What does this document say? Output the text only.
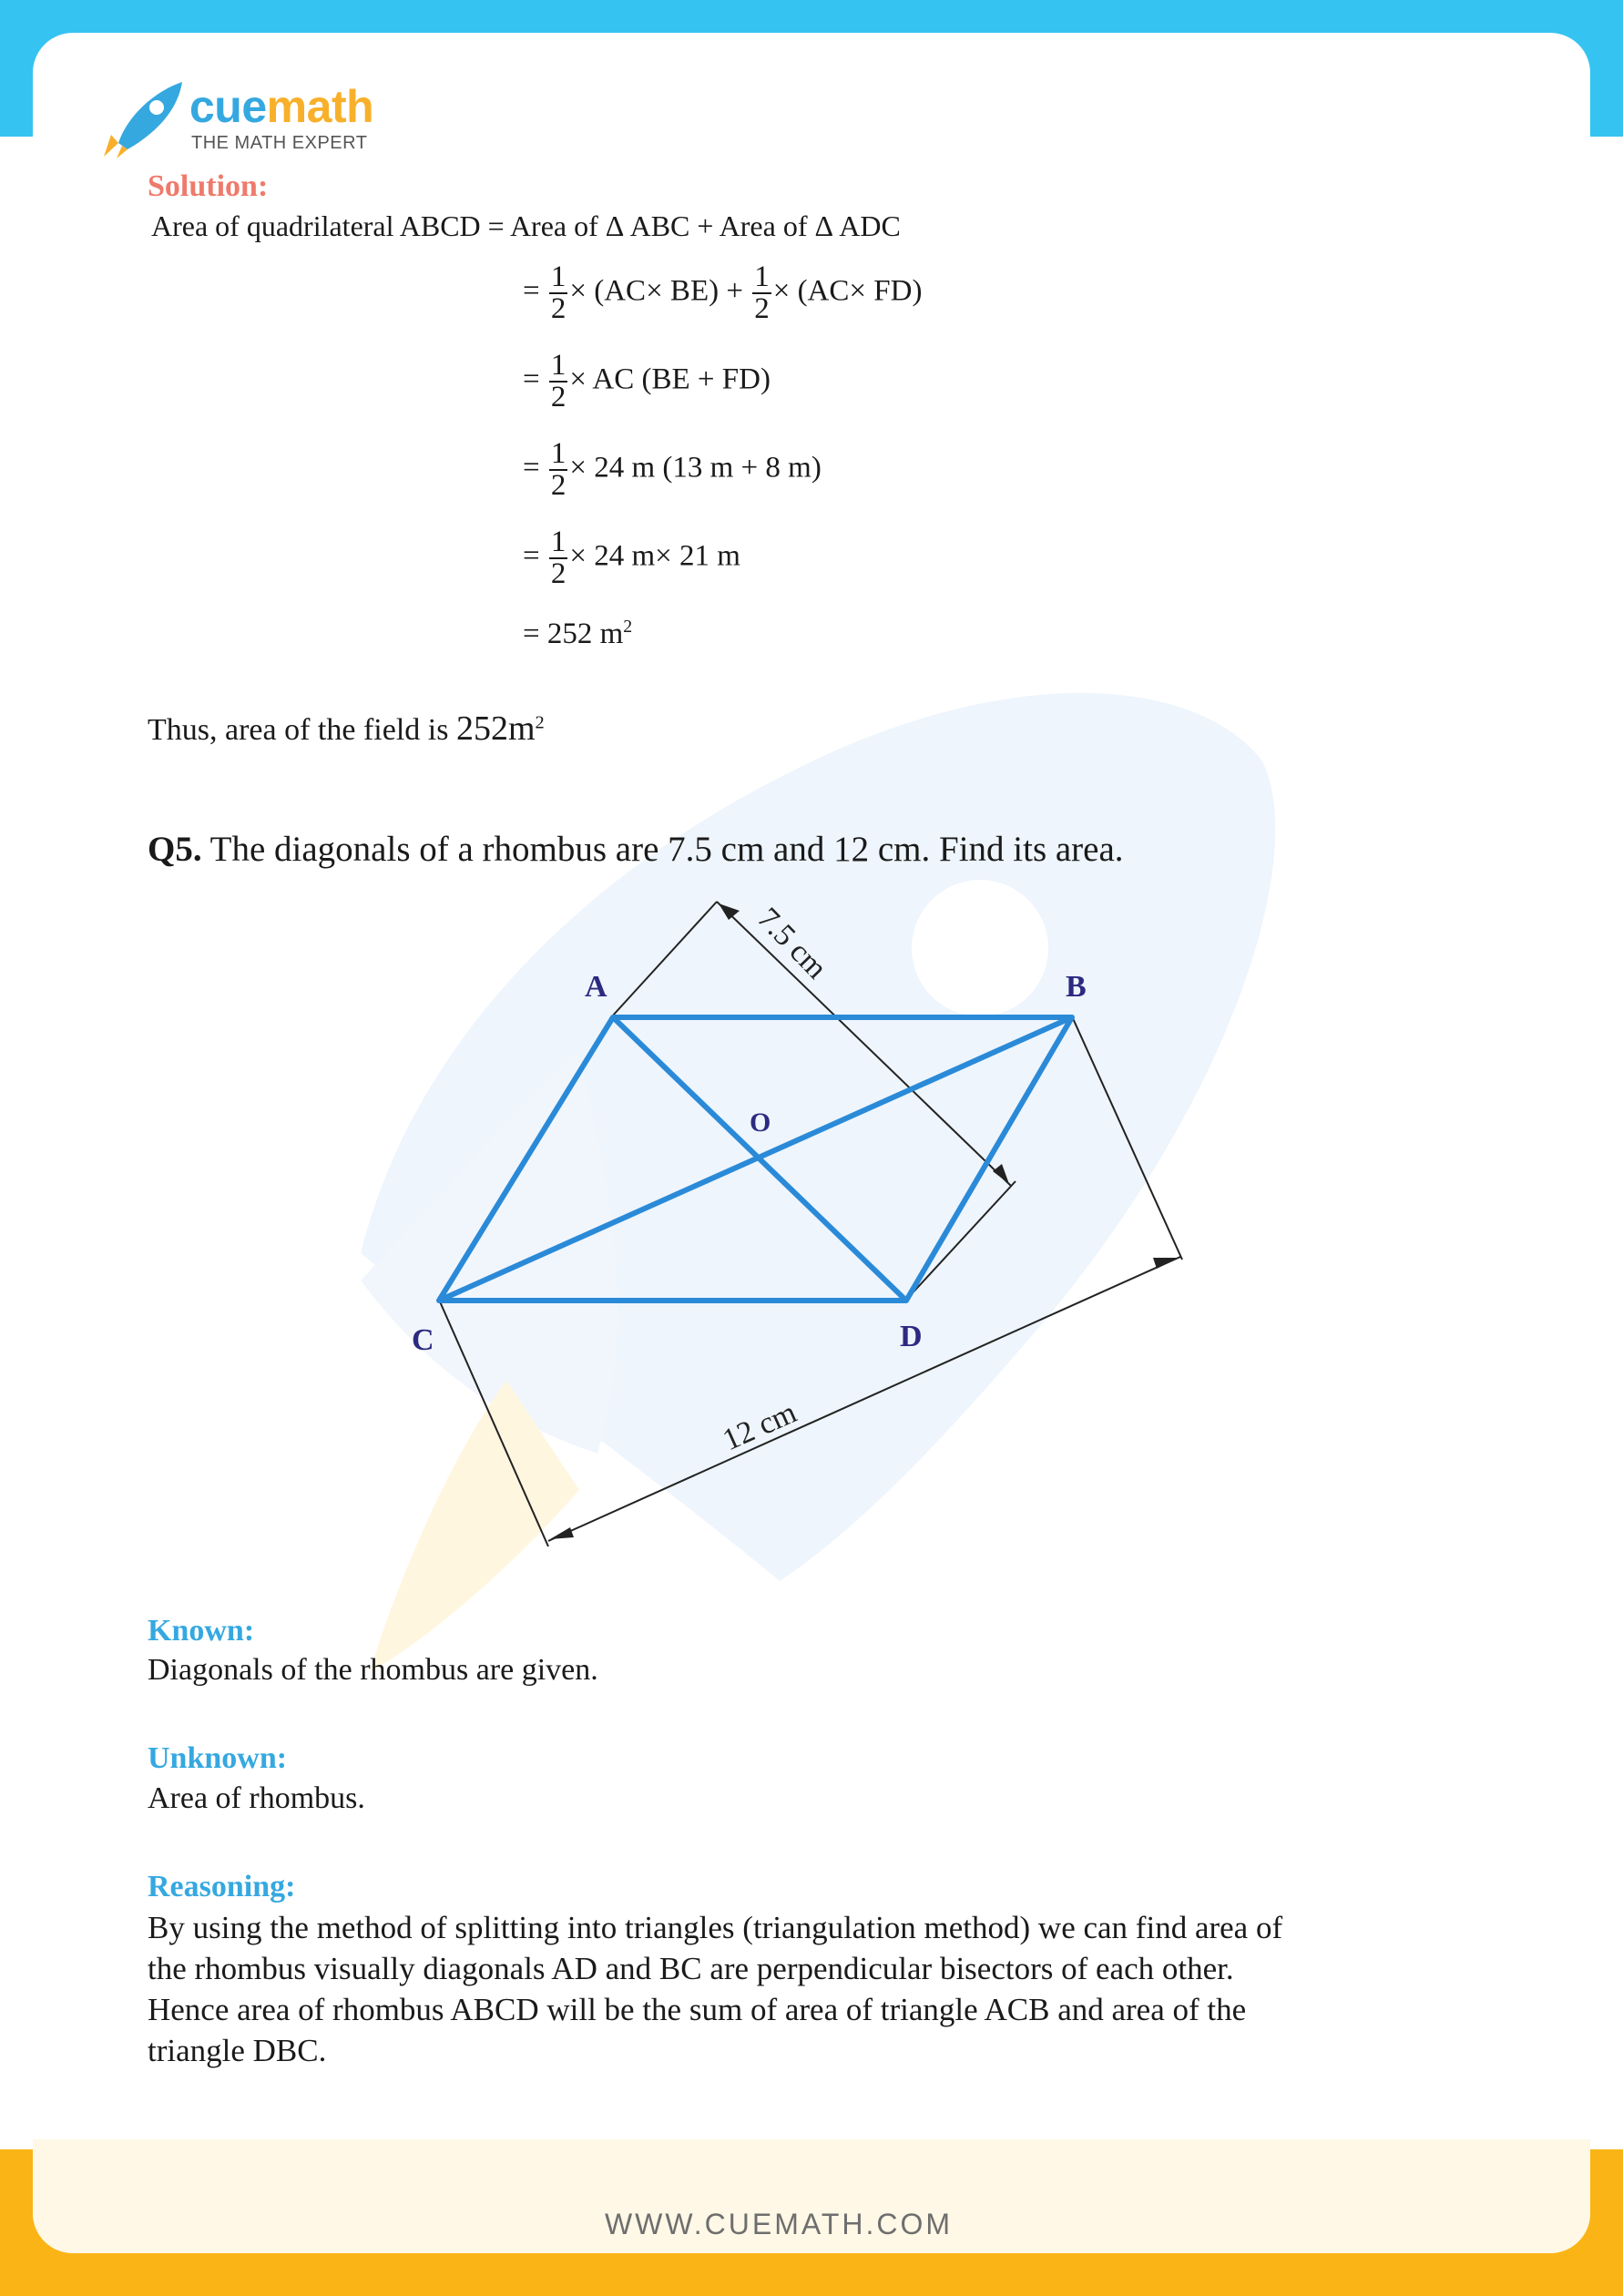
cuemath
THE MATH EXPERT
Solution:
Area of quadrilateral ABCD = Area of Δ ABC + Area of Δ ADC
= $\frac{1}{2} \times (AC\times BE) + \frac{1}{2} \times (AC\times FD)$
= $\frac{1}{2}$ × AC (BE + FD)
= $\frac{1}{2} \times 24$ m (13 m + 8 m)
= $\frac{1}{2} \times 24$ m× 21 m
= 252 $m^2$
Thus, area of the field is $252m^2$
Q5. The diagonals of a rhombus are 7.5 cm and 12 cm. Find its area.
A	B
C	D
O
7.5 cm
12 cm
Known:
Diagonals of the rhombus are given.
Unknown:
Area of rhombus.
Reasoning:
By using the method of splitting into triangles (triangulation method) we can find area of
the rhombus visually diagonals AD and BC are perpendicular bisectors of each other.
Hence area of rhombus ABCD will be the sum of area of triangle ACB and area of the
triangle DBC.
WWW.CUEMATH.COM
